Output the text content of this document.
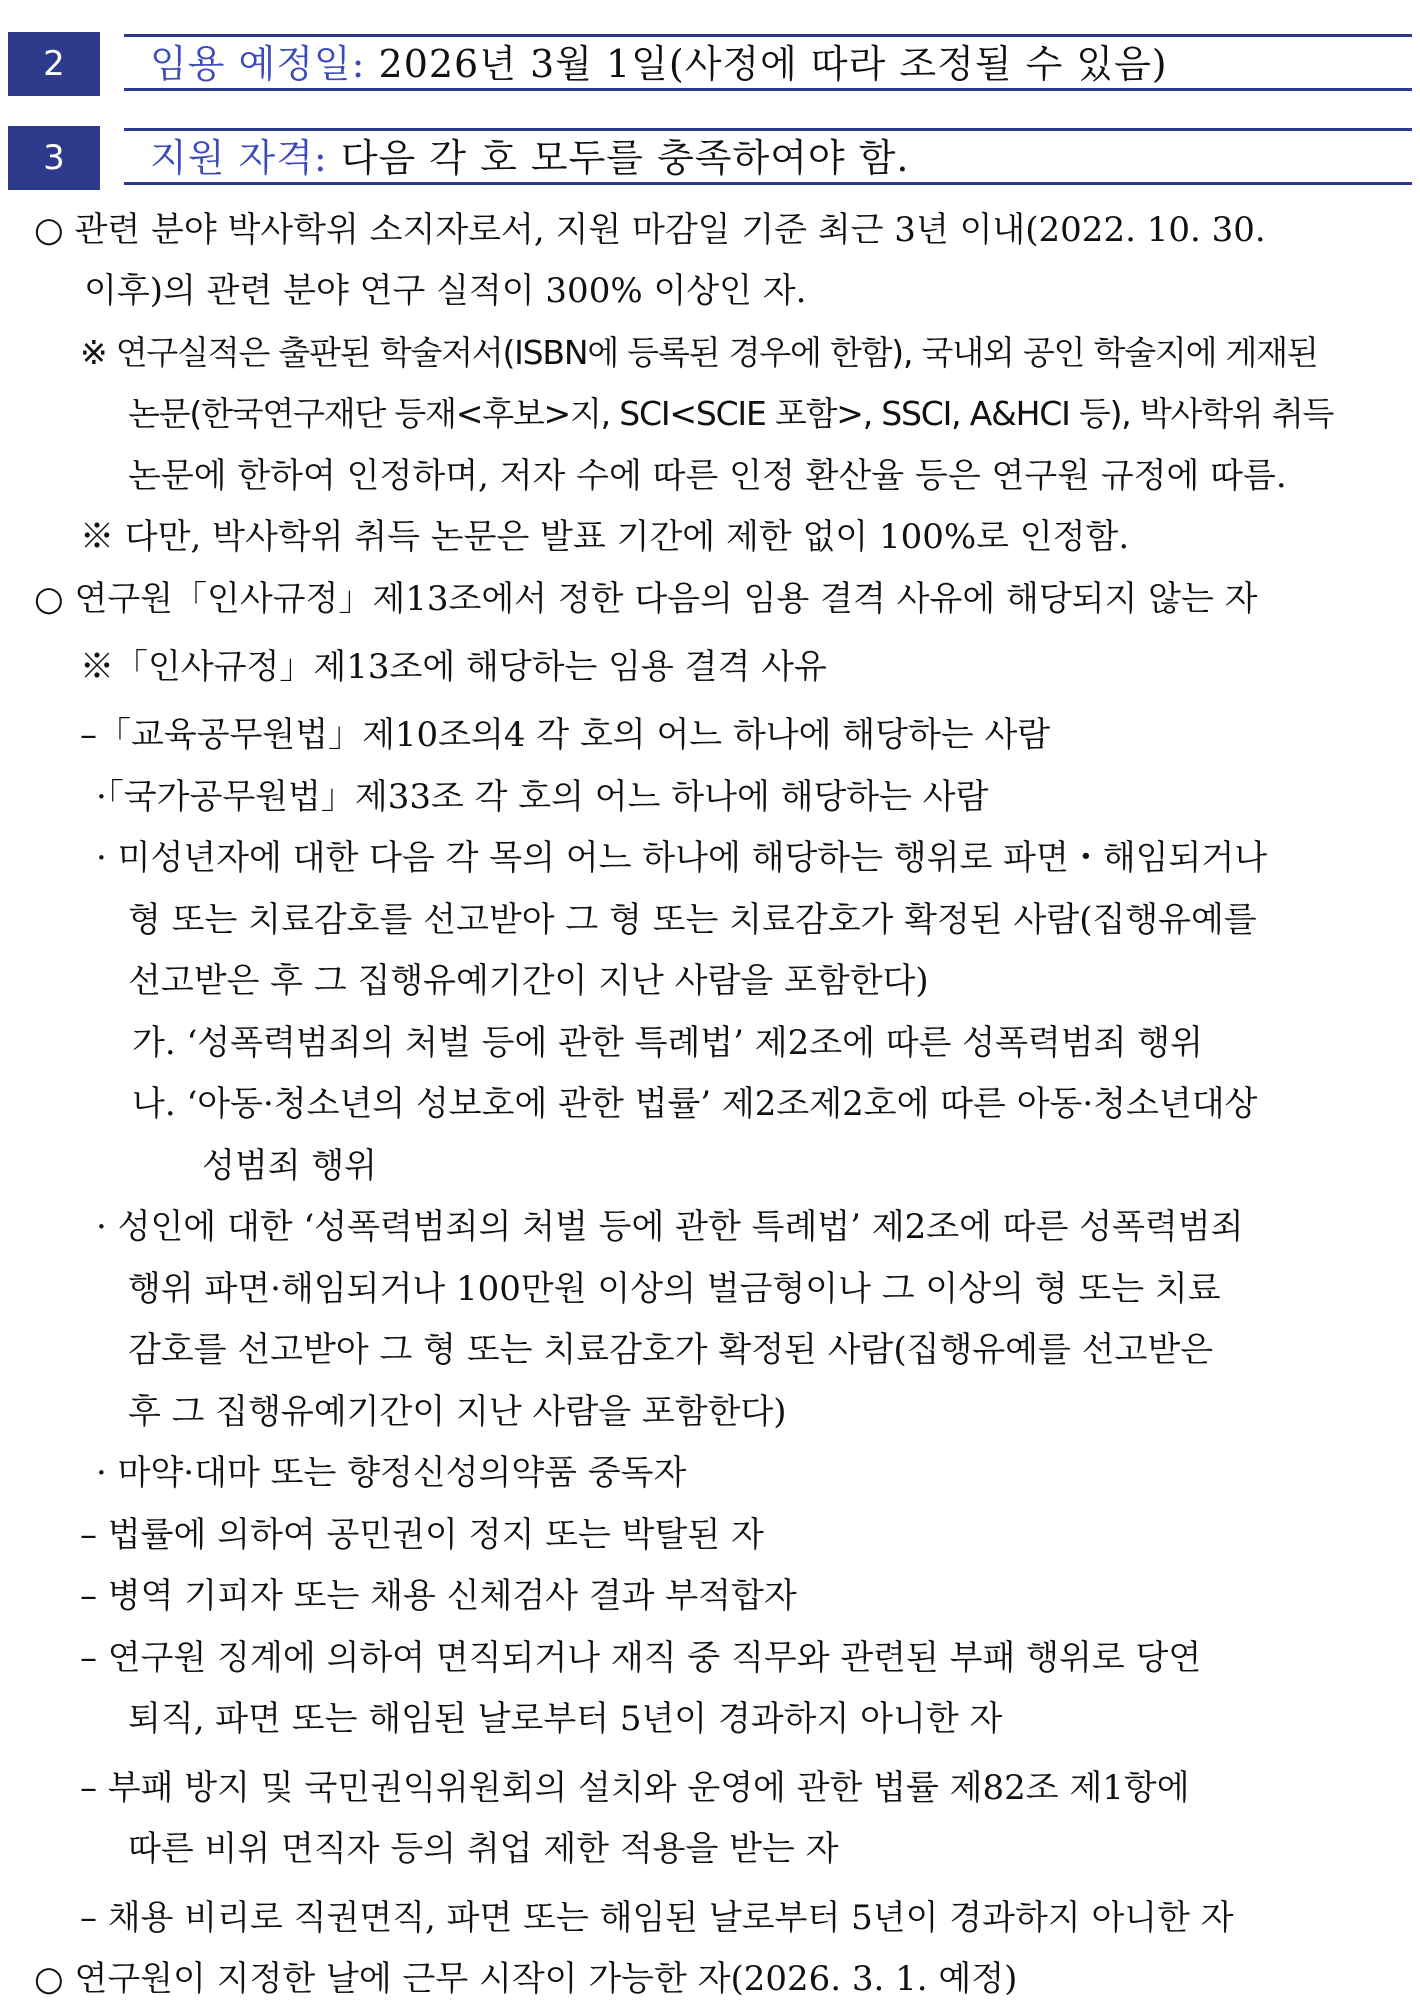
2	임용 예정일: 2026년 3월 1일(사정에 따라 조정될 수 있음)
3	지원 자격: 다음 각 호 모두를 충족하여야 함.
○ 관련 분야 박사학위 소지자로서, 지원 마감일 기준 최근 3년 이내(2022. 10. 30.
이후)의 관련 분야 연구 실적이 300% 이상인 자.
※ 연구실적은 출판된 학술저서(ISBN에 등록된 경우에 한함), 국내외 공인 학술지에 게재된
논문(한국연구재단 등재<후보>지, SCI<SCIE 포함>, SSCI, A&HCI 등), 박사학위 취득
논문에 한하여 인정하며, 저자 수에 따른 인정 환산율 등은 연구원 규정에 따름.
※ 다만, 박사학위 취득 논문은 발표 기간에 제한 없이 100%로 인정함.
○ 연구원「인사규정」제13조에서 정한 다음의 임용 결격 사유에 해당되지 않는 자
※「인사규정」제13조에 해당하는 임용 결격 사유
–「교육공무원법」제10조의4 각 호의 어느 하나에 해당하는 사람
·「국가공무원법」제33조 각 호의 어느 하나에 해당하는 사람
· 미성년자에 대한 다음 각 목의 어느 하나에 해당하는 행위로 파면・해임되거나
형 또는 치료감호를 선고받아 그 형 또는 치료감호가 확정된 사람(집행유예를
선고받은 후 그 집행유예기간이 지난 사람을 포함한다)
가. ‘성폭력범죄의 처벌 등에 관한 특례법’ 제2조에 따른 성폭력범죄 행위
나. ‘아동·청소년의 성보호에 관한 법률’ 제2조제2호에 따른 아동·청소년대상
성범죄 행위
· 성인에 대한 ‘성폭력범죄의 처벌 등에 관한 특례법’ 제2조에 따른 성폭력범죄
행위 파면·해임되거나 100만원 이상의 벌금형이나 그 이상의 형 또는 치료
감호를 선고받아 그 형 또는 치료감호가 확정된 사람(집행유예를 선고받은
후 그 집행유예기간이 지난 사람을 포함한다)
· 마약·대마 또는 향정신성의약품 중독자
– 법률에 의하여 공민권이 정지 또는 박탈된 자
– 병역 기피자 또는 채용 신체검사 결과 부적합자
– 연구원 징계에 의하여 면직되거나 재직 중 직무와 관련된 부패 행위로 당연
퇴직, 파면 또는 해임된 날로부터 5년이 경과하지 아니한 자
– 부패 방지 및 국민권익위원회의 설치와 운영에 관한 법률 제82조 제1항에
따른 비위 면직자 등의 취업 제한 적용을 받는 자
– 채용 비리로 직권면직, 파면 또는 해임된 날로부터 5년이 경과하지 아니한 자
○ 연구원이 지정한 날에 근무 시작이 가능한 자(2026. 3. 1. 예정)
